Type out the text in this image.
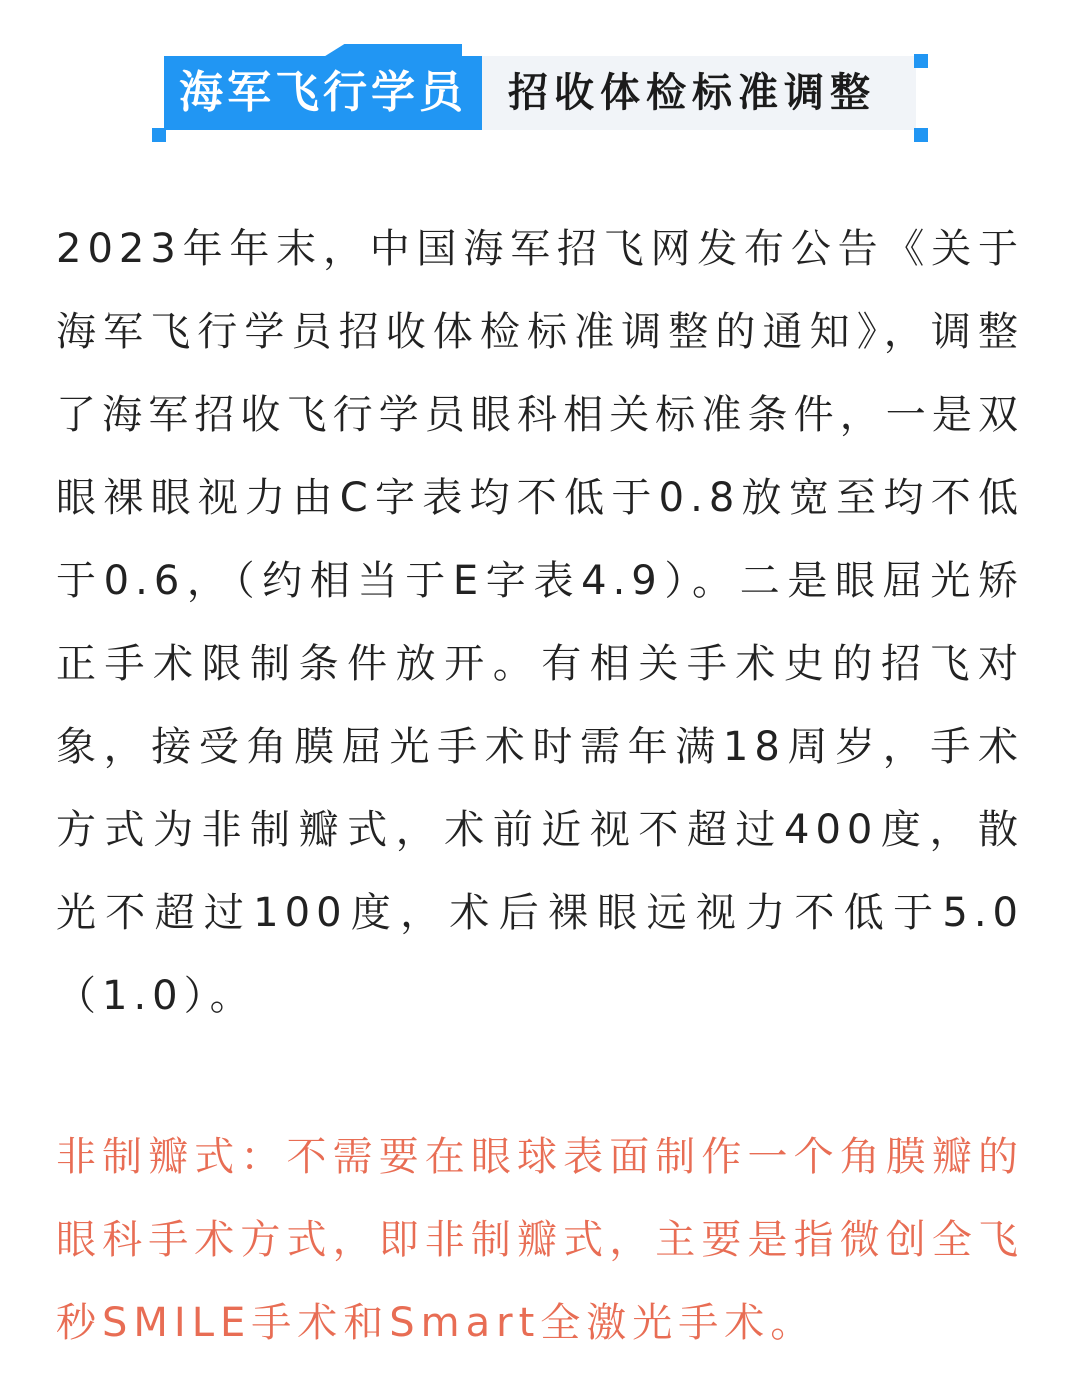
海军飞行学员	招收体检标准调整

2023年年末，中国海军招飞网发布公告《关于海军飞行学员招收体检标准调整的通知》，调整了海军招收飞行学员眼科相关标准条件，一是双眼裸眼视力由C字表均不低于0.8放宽至均不低于0.6，（约相当于E字表4.9）。二是眼屈光矫正手术限制条件放开。有相关手术史的招飞对象，接受角膜屈光手术时需年满18周岁，手术方式为非制瓣式，术前近视不超过400度，散光不超过100度，术后裸眼远视力不低于5.0（1.0）。

非制瓣式：不需要在眼球表面制作一个角膜瓣的眼科手术方式，即非制瓣式，主要是指微创全飞秒SMILE手术和Smart全激光手术。
